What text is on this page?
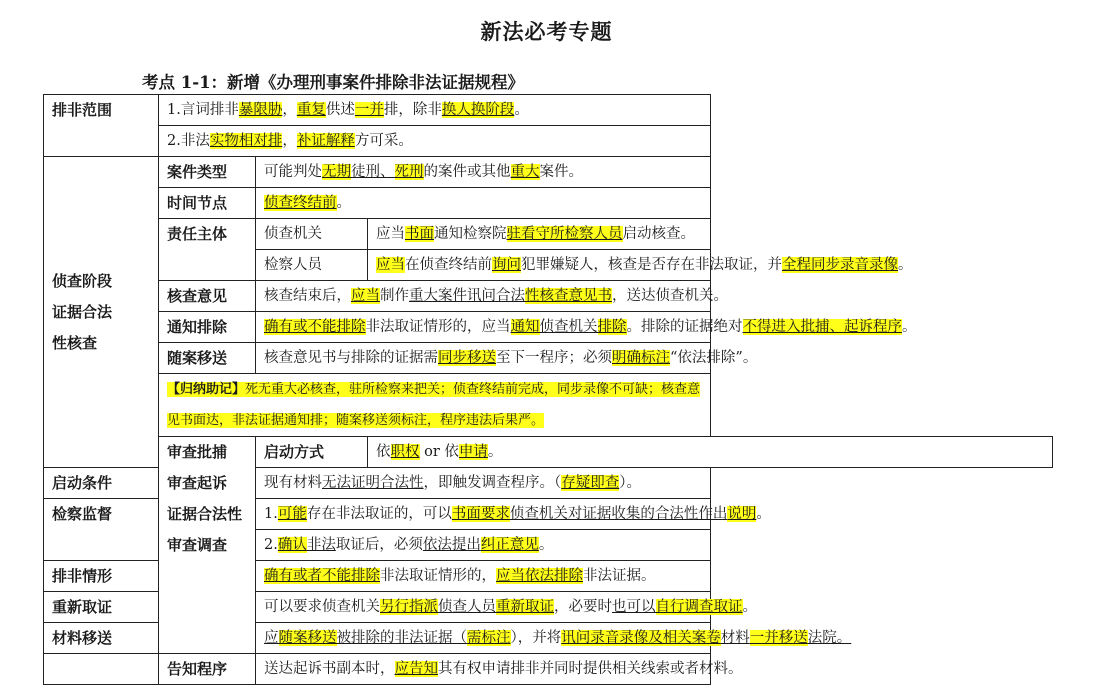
新法必考专题
考点 1-1：新增《办理刑事案件排除非法证据规程》
排非范围	1.言词排非暴限胁，重复供述一并排，除非换人换阶段。		
	2.非法实物相对排，补证解释方可采。		

侦查阶段
证据合法
性核查	案件类型	可能判处无期徒刑、死刑的案件或其他重大案件。	
	时间节点	侦查终结前。	
	责任主体	侦查机关	应当书面通知检察院驻看守所检察人员启动核查。
		检察人员	应当在侦查终结前询问犯罪嫌疑人，核查是否存在非法取证，并全程同步录音录像。
	核查意见	核查结束后，应当制作重大案件讯问合法性核查意见书，送达侦查机关。	
	通知排除	确有或不能排除非法取证情形的，应当通知侦查机关排除。排除的证据绝对不得进入批捕、起诉程序。	
	随案移送	核查意见书与排除的证据需同步移送至下一程序；必须明确标注“依法排除”。	
	【归纳助记】死无重大必核查，驻所检察来把关；侦查终结前完成，同步录像不可缺；核查意见书面达，非法证据通知排；随案移送须标注，程序违法后果严。		

	审查批捕
审查起诉
证据合法性
审查调查	启动方式	依职权 or 依申请。
启动条件		现有材料无法证明合法性，即触发调查程序。（存疑即查）。	
检察监督		1.可能存在非法取证的，可以书面要求侦查机关对证据收集的合法性作出说明。	
		2.确认非法取证后，必须依法提出纠正意见。	
排非情形		确有或者不能排除非法取证情形的，应当依法排除非法证据。	
重新取证		可以要求侦查机关另行指派侦查人员重新取证，必要时也可以自行调查取证。	
材料移送		应随案移送被排除的非法证据（需标注），并将讯问录音录像及相关案卷材料一并移送法院。	
	告知程序	送达起诉书副本时，应告知其有权申请排非并同时提供相关线索或者材料。	
